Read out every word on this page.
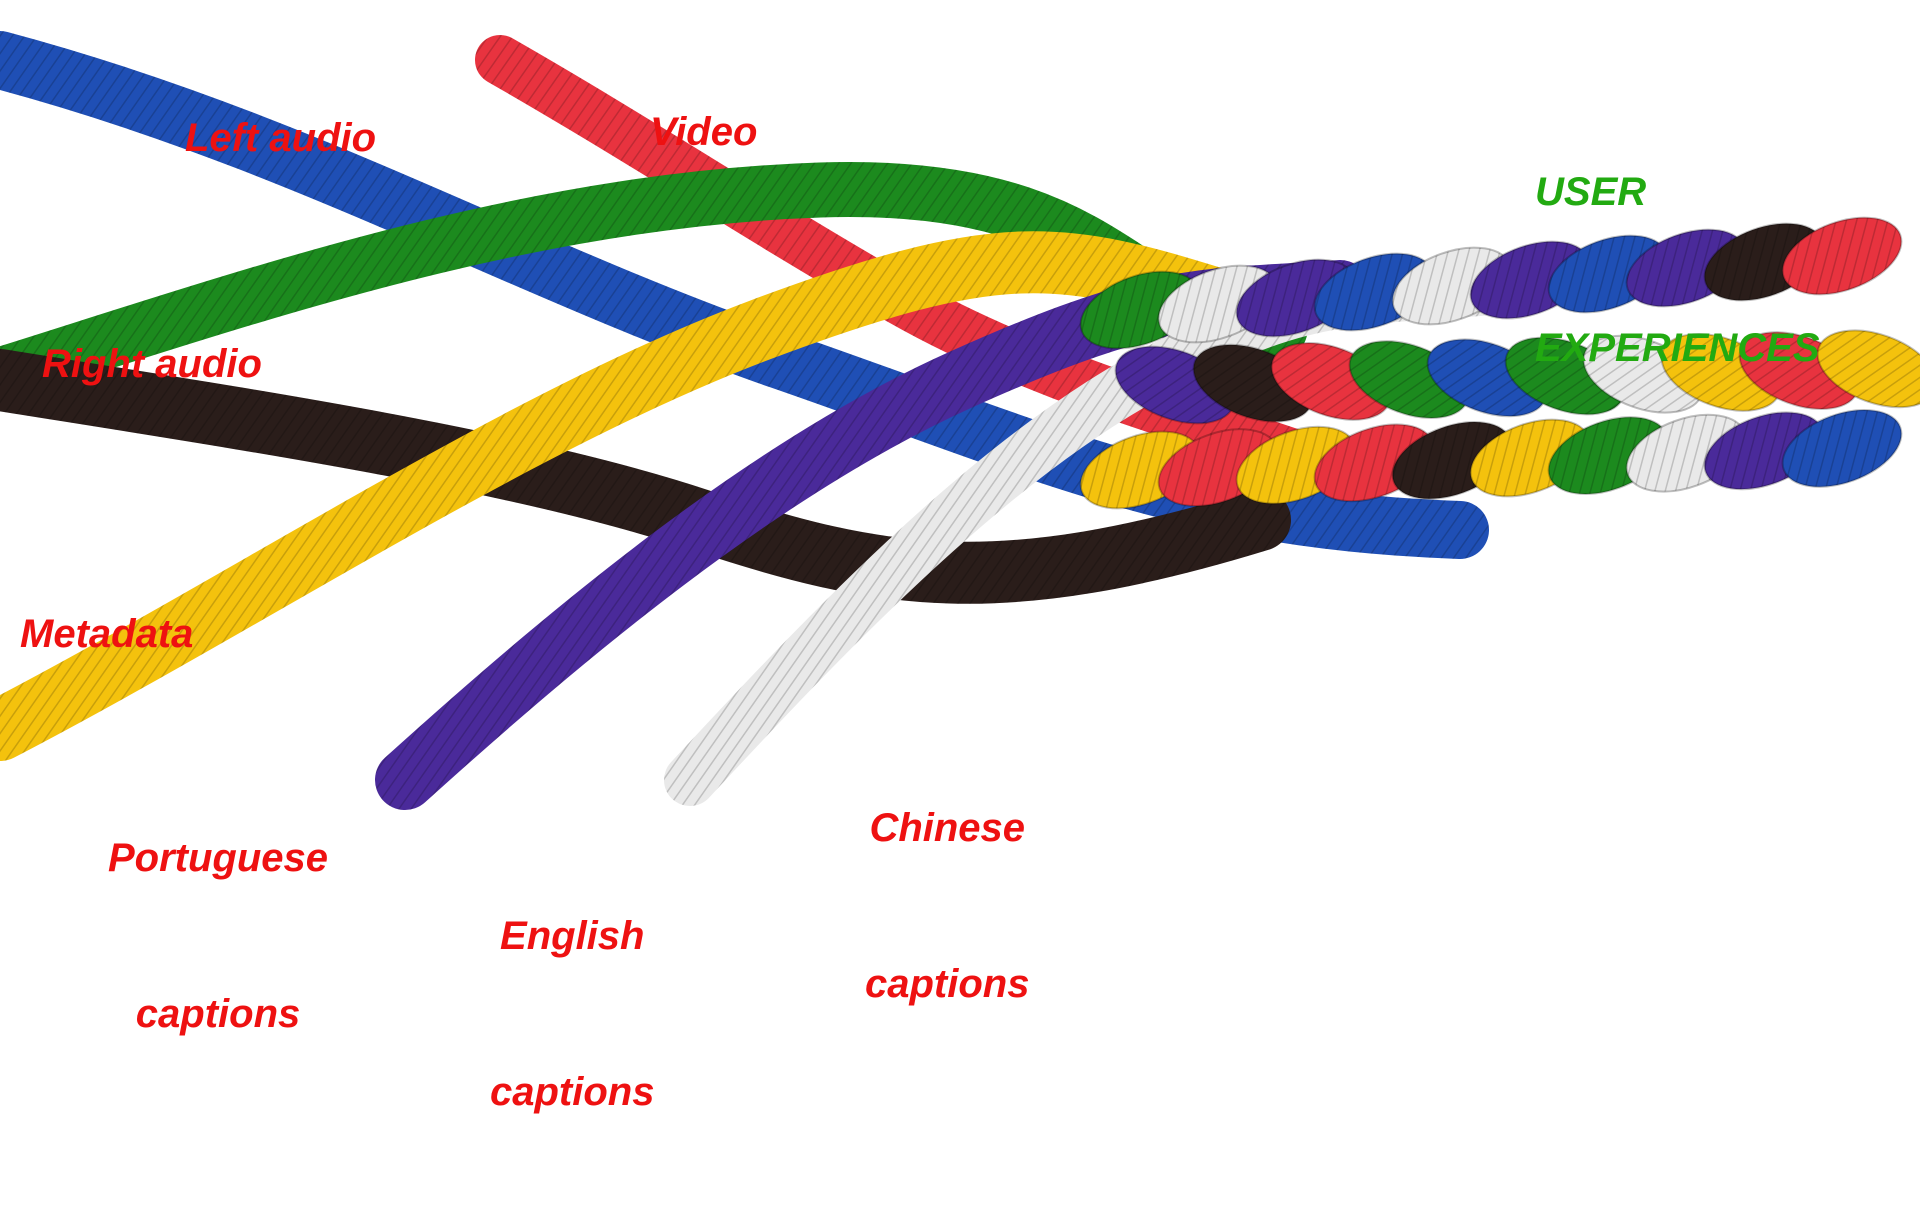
Left audio

	Video

USER

EXPERIENCES

Right audio

Metadata

Portuguese

captions

English

captions

Chinese

captions
